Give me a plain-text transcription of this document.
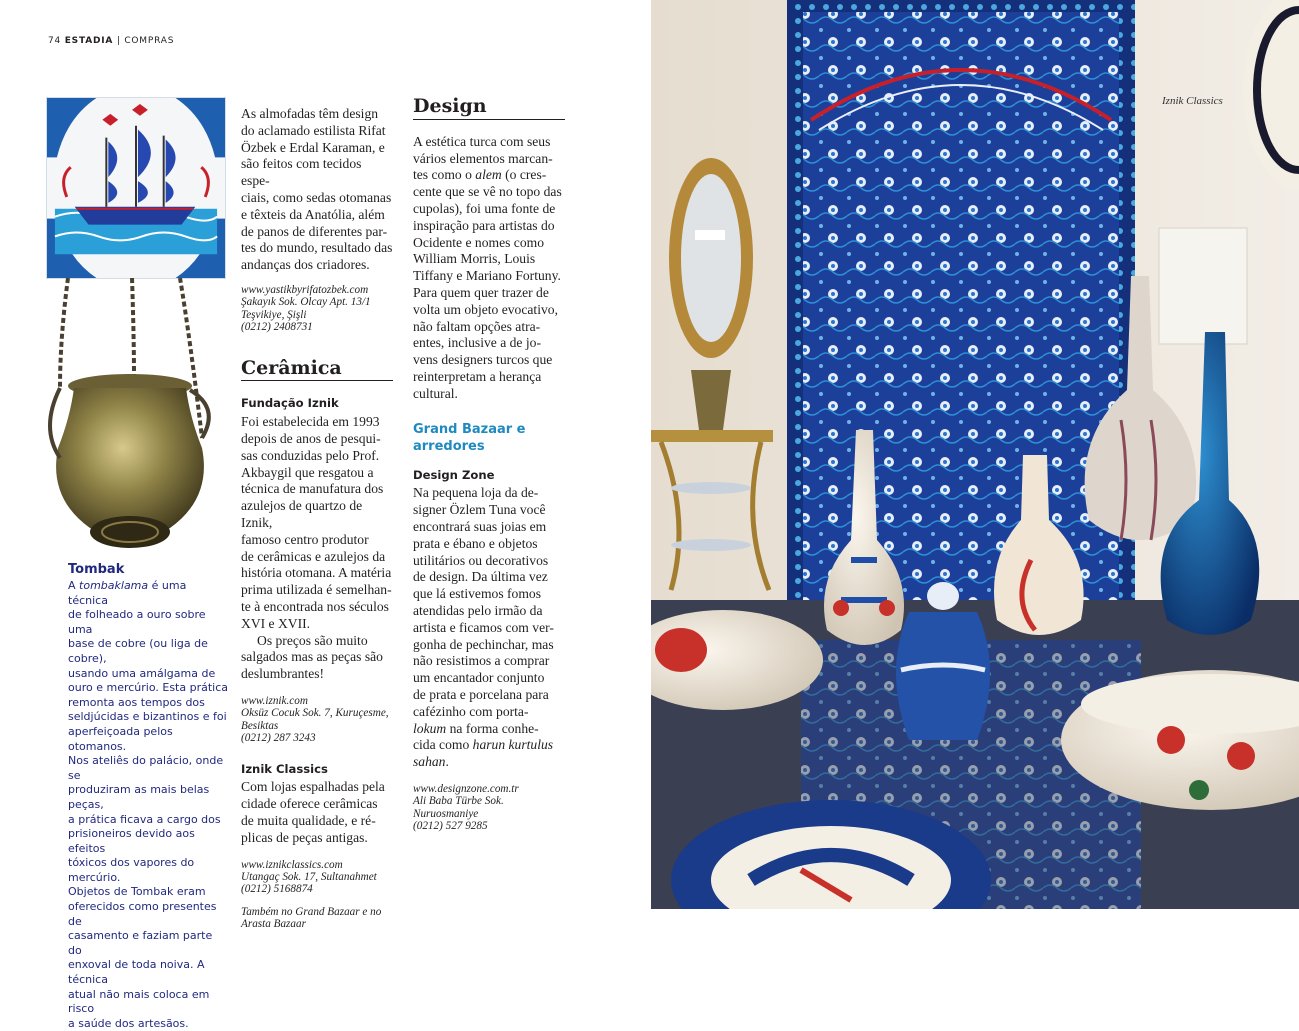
74 ESTADIA | COMPRAS
Tombak

A tombaklama é uma técnica
de folheado a ouro sobre uma
base de cobre (ou liga de cobre),
usando uma amálgama de
ouro e mercúrio. Esta prática
remonta aos tempos dos
seldjúcidas e bizantinos e foi
aperfeiçoada pelos otomanos.
Nos ateliês do palácio, onde se
produziram as mais belas peças,
a prática ficava a cargo dos
prisioneiros devido aos efeitos
tóxicos dos vapores do mercúrio.
Objetos de Tombak eram
oferecidos como presentes de
casamento e faziam parte do
enxoval de toda noiva. A técnica
atual não mais coloca em risco
a saúde dos artesãos.

As almofadas têm design
do aclamado estilista Rifat
Özbek e Erdal Karaman, e
são feitos com tecidos espe-
ciais, como sedas otomanas
e têxteis da Anatólia, além
de panos de diferentes par-
tes do mundo, resultado das
andanças dos criadores.

www.yastikbyrifatozbek.com
Şakayık Sok. Olcay Apt. 13/1
Teşvikiye, Şişli
(0212) 2408731
Cerâmica
Fundação Iznik

Foi estabelecida em 1993
depois de anos de pesqui-
sas conduzidas pelo Prof.
Akbaygil que resgatou a
técnica de manufatura dos
azulejos de quartzo de Iznik,
famoso centro produtor
de cerâmicas e azulejos da
história otomana. A matéria
prima utilizada é semelhan-
te à encontrada nos séculos
XVI e XVII.

Os preços são muito
salgados mas as peças são
deslumbrantes!

www.iznik.com
Oksüz Cocuk Sok. 7, Kuruçesme,
Besiktas
(0212) 287 3243
Iznik Classics

Com lojas espalhadas pela
cidade oferece cerâmicas
de muita qualidade, e ré-
plicas de peças antigas.

www.iznikclassics.com
Utangaç Sok. 17, Sultanahmet
(0212) 5168874
Também no Grand Bazaar e no
Arasta Bazaar
Design

A estética turca com seus
vários elementos marcan-
tes como o alem (o cres-
cente que se vê no topo das
cupolas), foi uma fonte de
inspiração para artistas do
Ocidente e nomes como
William Morris, Louis
Tiffany e Mariano Fortuny.
Para quem quer trazer de
volta um objeto evocativo,
não faltam opções atra-
entes, inclusive a de jo-
vens designers turcos que
reinterpretam a herança
cultural.

Grand Bazaar e
arredores
Design Zone

Na pequena loja da de-
signer Özlem Tuna você
encontrará suas joias em
prata e ébano e objetos
utilitários ou decorativos
de design. Da última vez
que lá estivemos fomos
atendidas pelo irmão da
artista e ficamos com ver-
gonha de pechinchar, mas
não resistimos a comprar
um encantador conjunto
de prata e porcelana para
cafézinho com porta-
lokum na forma conhe-
cida como harun kurtulus
sahan.

www.designzone.com.tr
Ali Baba Türbe Sok. Nuruosmaniye
(0212) 527 9285
Iznik Classics
